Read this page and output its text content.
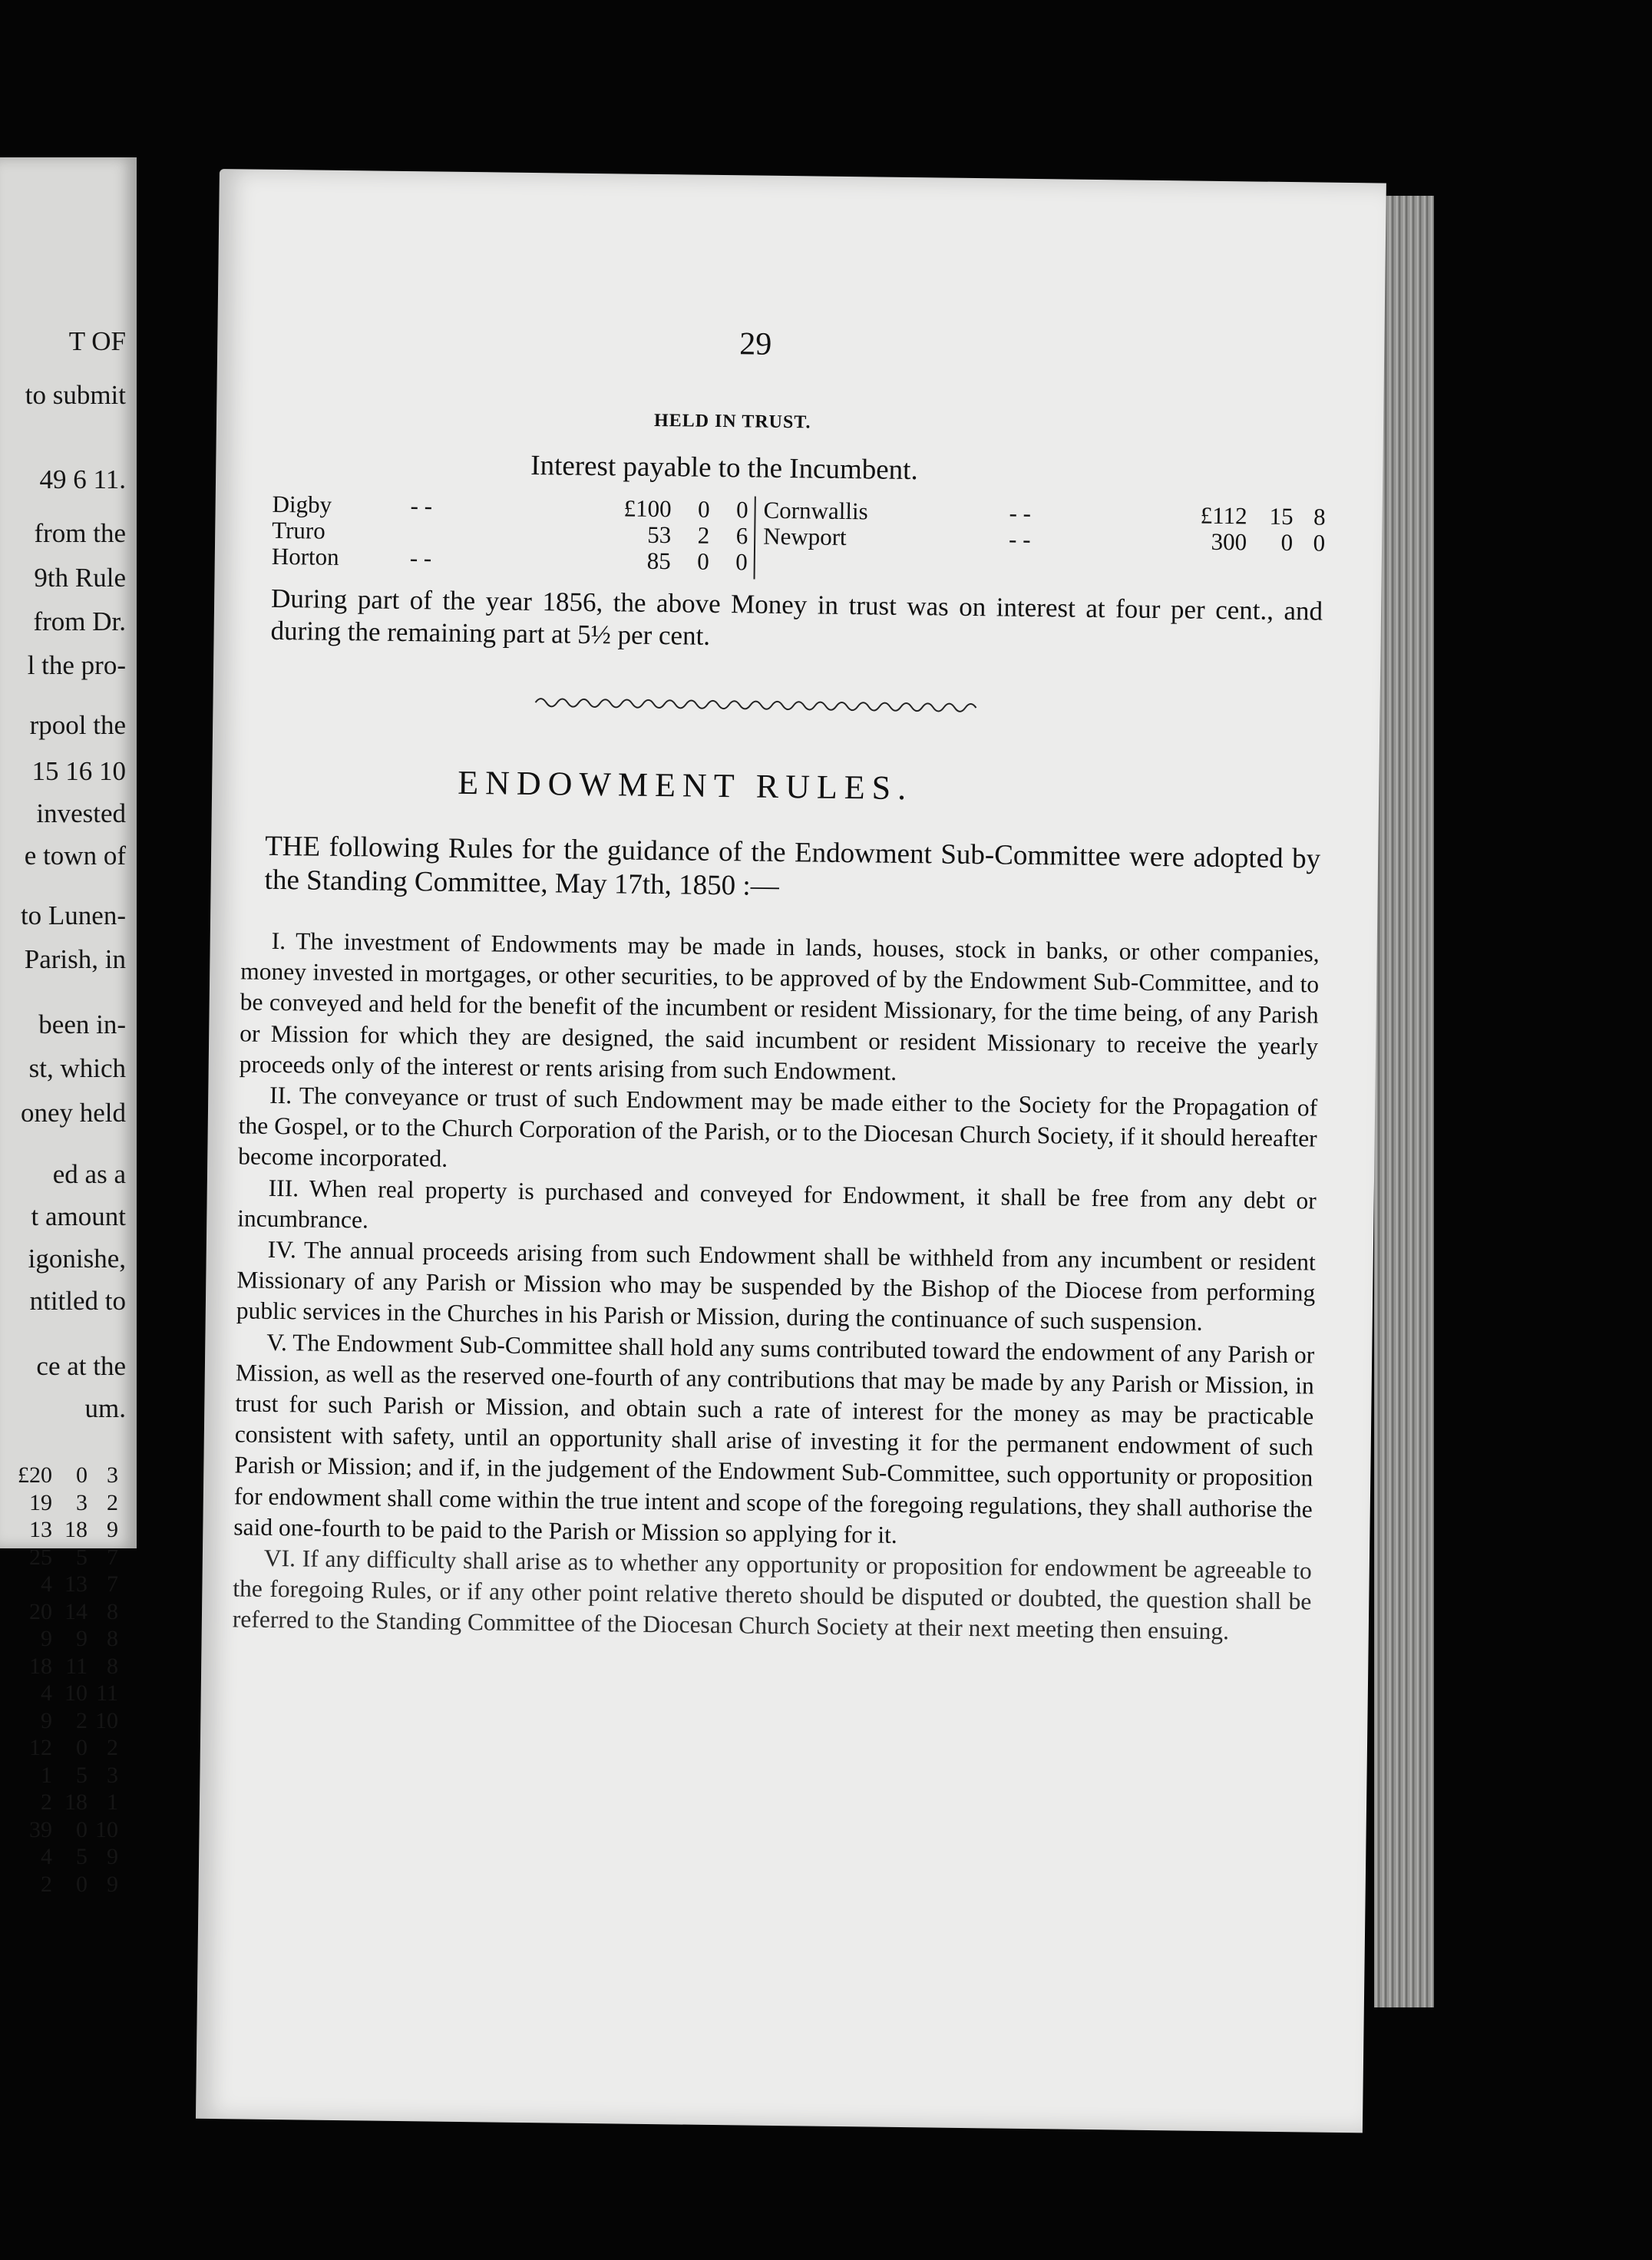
T OF
to submit
49 6 11.
from the
9th Rule
from Dr.
l the pro-
rpool the
15 16 10
invested
e town of
to Lunen-
Parish, in
been in-
st, which
oney held
ed as a
t amount
igonishe,
ntitled to
ce at the
um.
£20	0 3
19	3 2
13 18 9
25	5 7
4 13 7
20 14 8
9	9 8
18 11 8
4 10 11
9	2 10
12	0 2
1	5 3
2 18 1
39	0 10
4	5 9
2	0 9
29
HELD IN TRUST.
Interest payable to the Incumbent.
Digby	- -	£100	0	0
Truro	53	2	6
Horton	- -	85	0	0
Cornwallis	- -	£112 15 8
Newport	- -	300	0 0
During part of the year 1856, the above Money in trust was on interest at four per cent., and during the remaining part at 5½ per cent.
ENDOWMENT RULES.
THE following Rules for the guidance of the Endowment Sub-Committee were adopted by the Standing Committee, May 17th, 1850 :—

I. The investment of Endowments may be made in lands, houses, stock in banks, or other companies, money invested in mortgages, or other securities, to be approved of by the Endowment Sub-Committee, and to be conveyed and held for the benefit of the incumbent or resident Missionary, for the time being, of any Parish or Mission for which they are designed, the said incumbent or resident Missionary to receive the yearly proceeds only of the interest or rents arising from such Endowment.

II. The conveyance or trust of such Endowment may be made either to the Society for the Propagation of the Gospel, or to the Church Corporation of the Parish, or to the Diocesan Church Society, if it should hereafter become incorporated.

III. When real property is purchased and conveyed for Endowment, it shall be free from any debt or incumbrance.

IV. The annual proceeds arising from such Endowment shall be withheld from any incumbent or resident Missionary of any Parish or Mission who may be suspended by the Bishop of the Diocese from performing public services in the Churches in his Parish or Mission, during the continuance of such suspension.

V. The Endowment Sub-Committee shall hold any sums contributed toward the endowment of any Parish or Mission, as well as the reserved one-fourth of any contributions that may be made by any Parish or Mission, in trust for such Parish or Mission, and obtain such a rate of interest for the money as may be practicable consistent with safety, until an opportunity shall arise of investing it for the permanent endowment of such Parish or Mission; and if, in the judgement of the Endowment Sub-Committee, such opportunity or proposition for endowment shall come within the true intent and scope of the foregoing regulations, they shall authorise the said one-fourth to be paid to the Parish or Mission so applying for it.

VI. If any difficulty shall arise as to whether any opportunity or proposition for endowment be agreeable to the foregoing Rules, or if any other point relative thereto should be disputed or doubted, the question shall be referred to the Standing Committee of the Diocesan Church Society at their next meeting then ensuing.
